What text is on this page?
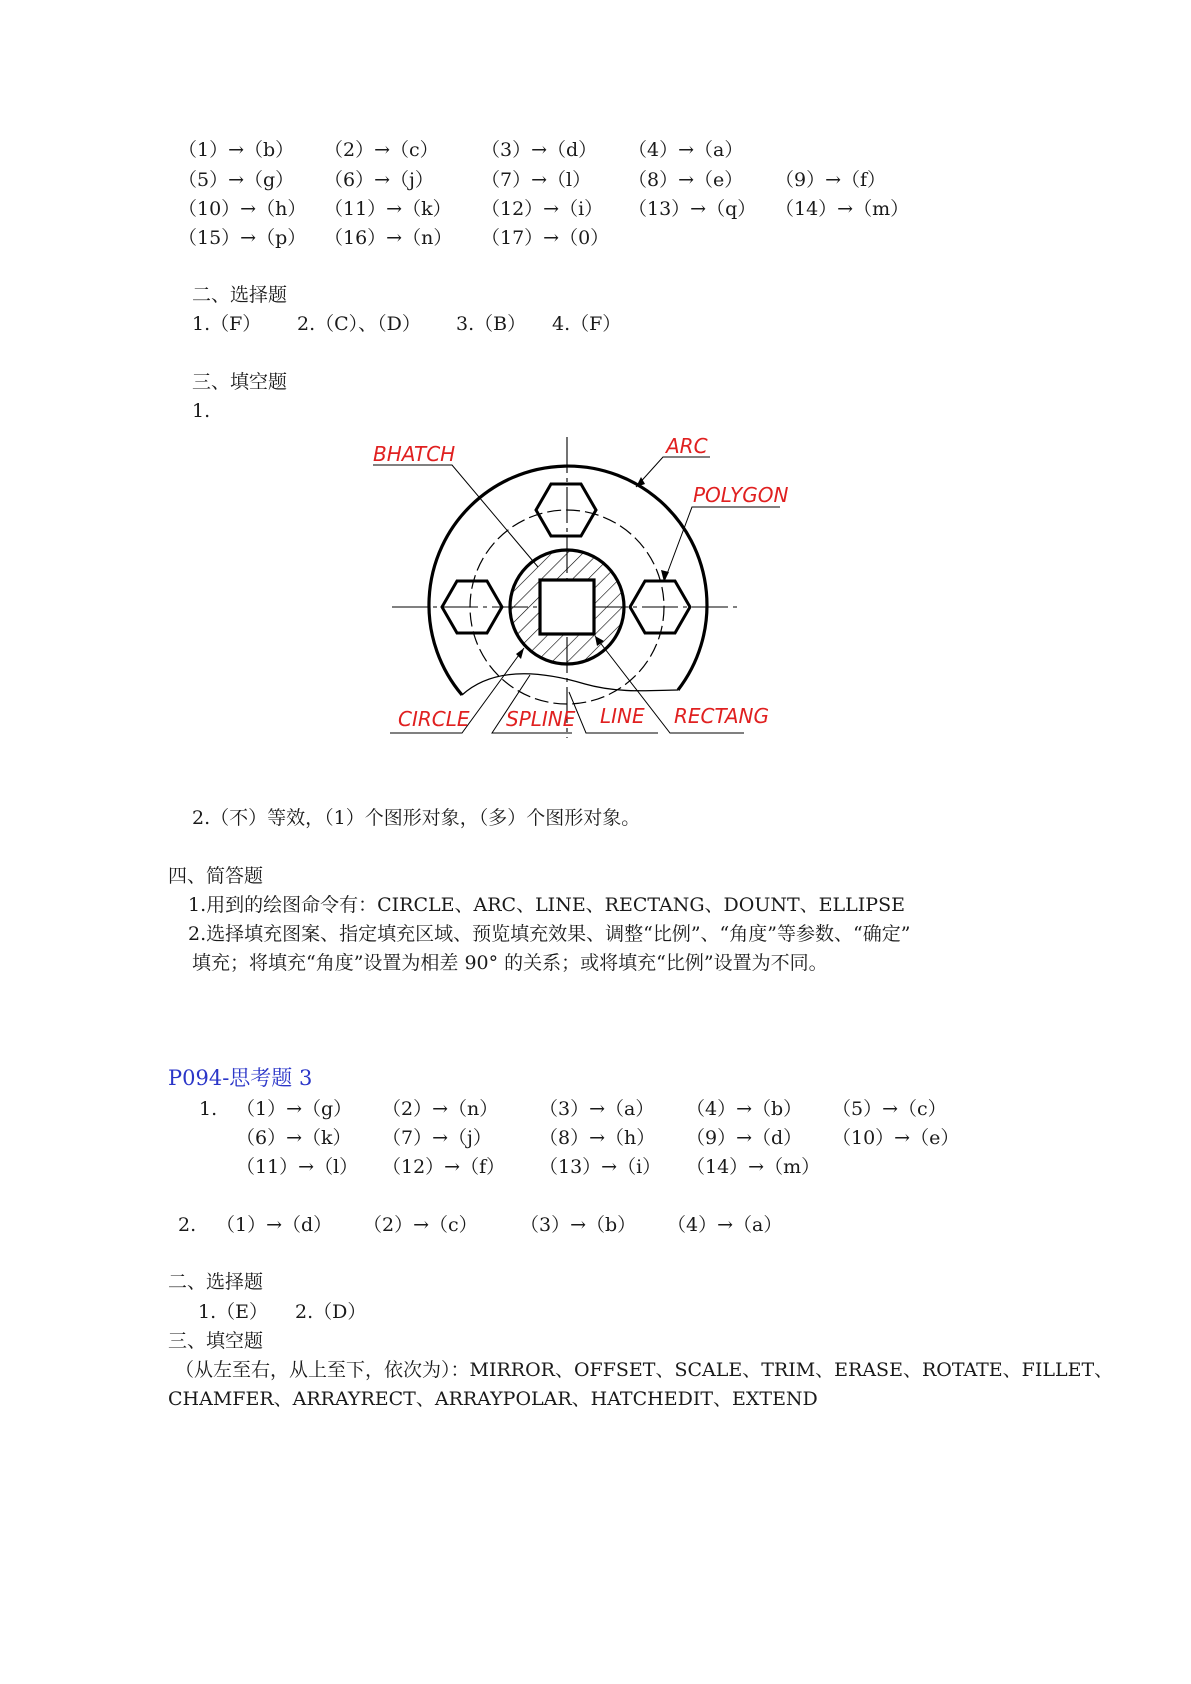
（1）→（b） （2）→（c） （3）→（d） （4）→（a）
（5）→（g） （6）→（j） （7）→（l） （8）→（e） （9）→（f）
（10）→（h） （11）→（k） （12）→（i） （13）→（q） （14）→（m）
（15）→（p） （16）→（n） （17）→（0）
二、选择题
1.（F） 2.（C）、（D） 3.（B） 4.（F）
三、填空题
1.
BHATCH	ARC
POLYGON
CIRCLE SPLINE LINE RECTANG
2.（不）等效，（1）个图形对象，（多）个图形对象。
四、简答题
1.用到的绘图命令有：CIRCLE、ARC、LINE、RECTANG、DOUNT、ELLIPSE
2.选择填充图案、指定填充区域、预览填充效果、调整“比例”、“角度”等参数、“确定”
填充；将填充“角度”设置为相差 90° 的关系；或将填充“比例”设置为不同。
P094-思考题 3
1. （1）→（g） （2）→（n） （3）→（a） （4）→（b） （5）→（c）
（6）→（k） （7）→（j） （8）→（h） （9）→（d） （10）→（e）
（11）→（l） （12）→（f） （13）→（i） （14）→（m）
2. （1）→（d） （2）→（c） （3）→（b） （4）→（a）
二、选择题
1.（E） 2.（D）
三、填空题
（从左至右，从上至下，依次为）：MIRROR、OFFSET、SCALE、TRIM、ERASE、ROTATE、FILLET、
CHAMFER、ARRAYRECT、ARRAYPOLAR、HATCHEDIT、EXTEND
